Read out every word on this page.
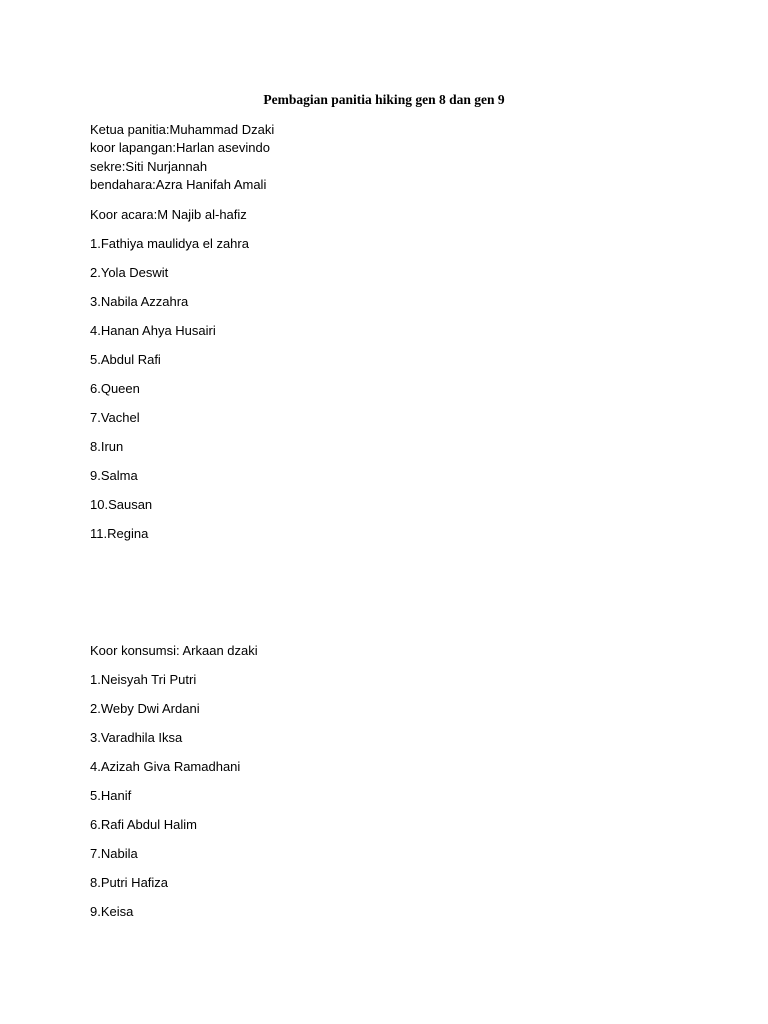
Pembagian panitia hiking gen 8 dan gen 9

Ketua panitia:Muhammad Dzaki

koor lapangan:Harlan asevindo

sekre:Siti Nurjannah

bendahara:Azra Hanifah Amali

Koor acara:M Najib al-hafiz

1.Fathiya maulidya el zahra

2.Yola Deswit

3.Nabila Azzahra

4.Hanan Ahya Husairi

5.Abdul Rafi

6.Queen

7.Vachel

8.Irun

9.Salma

10.Sausan

11.Regina

Koor konsumsi: Arkaan dzaki

1.Neisyah Tri Putri

2.Weby Dwi Ardani

3.Varadhila Iksa

4.Azizah Giva Ramadhani

5.Hanif

6.Rafi Abdul Halim

7.Nabila

8.Putri Hafiza

9.Keisa
